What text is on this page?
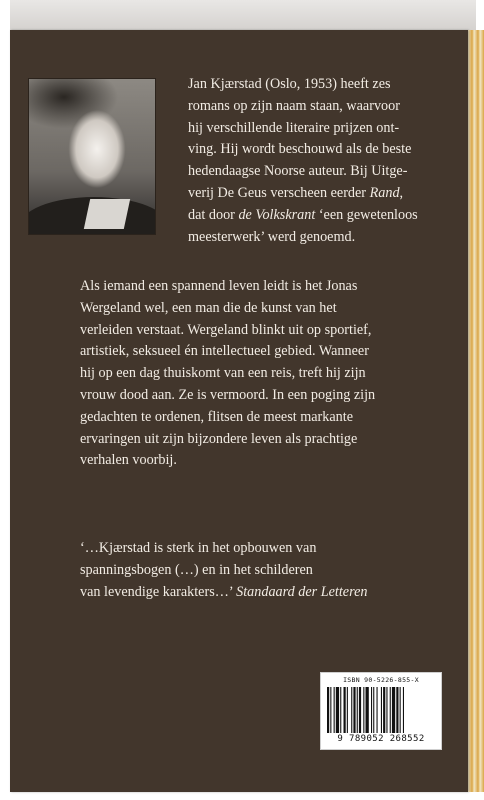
Jan Kjærstad (Oslo, 1953) heeft zes

romans op zijn naam staan, waarvoor

hij verschillende literaire prijzen ont-

ving. Hij wordt beschouwd als de beste

hedendaagse Noorse auteur. Bij Uitge-

verij De Geus verscheen eerder Rand,

dat door de Volkskrant ‘een gewetenloos

meesterwerk’ werd genoemd.

Als iemand een spannend leven leidt is het Jonas

Wergeland wel, een man die de kunst van het

verleiden verstaat. Wergeland blinkt uit op sportief,

artistiek, seksueel én intellectueel gebied. Wanneer

hij op een dag thuiskomt van een reis, treft hij zijn

vrouw dood aan. Ze is vermoord. In een poging zijn

gedachten te ordenen, flitsen de meest markante

ervaringen uit zijn bijzondere leven als prachtige

verhalen voorbij.

‘…Kjærstad is sterk in het opbouwen van

spanningsbogen (…) en in het schilderen

van levendige karakters…’ Standaard der Letteren

ISBN 90-5226-855-X
9 789052 268552
